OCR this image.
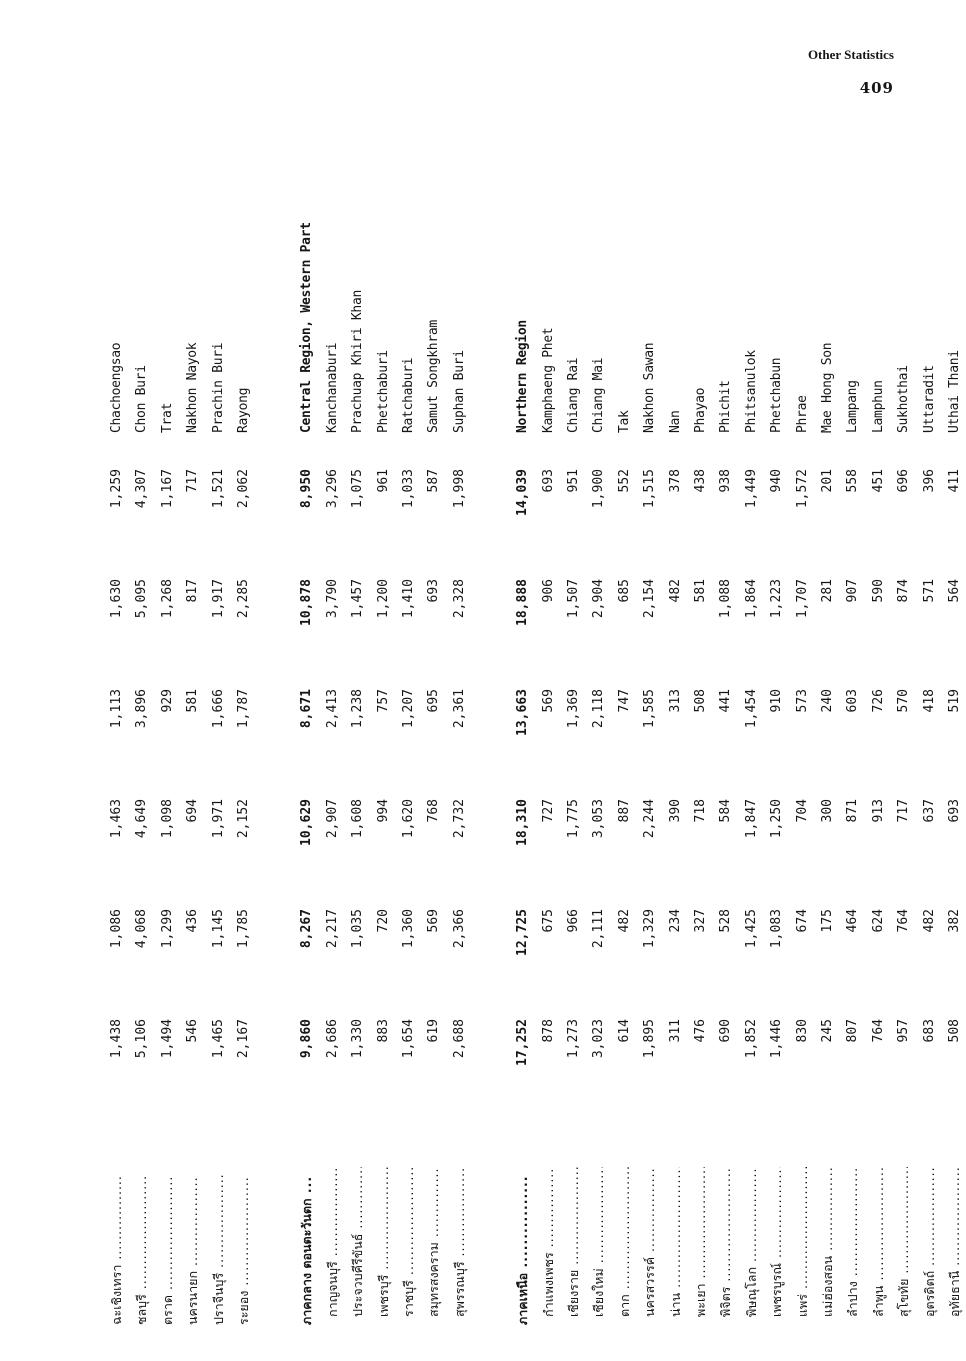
Other Statistics
409
ฉะเชิงเทรา .....
1,438
1,086
1,463
1,113
1,630
1,259
Chachoengsao
ชลบุรี .....
5,106
4,068
4,649
3,896
5,095
4,307
Chon Buri
ตราด .....
1,494
1,299
1,098
929
1,268
1,167
Trat
นครนายก .....
546
436
694
581
817
717
Nakhon Nayok
ปราจีนบุรี .....
1,465
1,145
1,971
1,666
1,917
1,521
Prachin Buri
ระยอง .....
2,167
1,785
2,152
1,787
2,285
2,062
Rayong
ภาคกลาง ตอนตะวันตก .....
9,860
8,267
10,629
8,671
10,878
8,950
Central Region, Western Part
กาญจนบุรี .....
2,686
2,217
2,907
2,413
3,790
3,296
Kanchanaburi
ประจวบคีรีขันธ์ .....
1,330
1,035
1,608
1,238
1,457
1,075
Prachuap Khiri Khan
เพชรบุรี .....
883
720
994
757
1,200
961
Phetchaburi
ราชบุรี .....
1,654
1,360
1,620
1,207
1,410
1,033
Ratchaburi
สมุทรสงคราม .....
619
569
768
695
693
587
Samut Songkhram
สุพรรณบุรี .....
2,688
2,366
2,732
2,361
2,328
1,998
Suphan Buri
ภาคเหนือ .....
17,252
12,725
18,310
13,663
18,888
14,039
Northern Region
กำแพงเพชร .....
878
675
727
569
906
693
Kamphaeng Phet
เชียงราย .....
1,273
966
1,775
1,369
1,507
951
Chiang Rai
เชียงใหม่ .....
3,023
2,111
3,053
2,118
2,904
1,900
Chiang Mai
ตาก .....
614
482
887
747
685
552
Tak
นครสวรรค์ .....
1,895
1,329
2,244
1,585
2,154
1,515
Nakhon Sawan
น่าน .....
311
234
390
313
482
378
Nan
พะเยา .....
476
327
718
508
581
438
Phayao
พิจิตร .....
690
528
584
441
1,088
938
Phichit
พิษณุโลก .....
1,852
1,425
1,847
1,454
1,864
1,449
Phitsanulok
เพชรบูรณ์ .....
1,446
1,083
1,250
910
1,223
940
Phetchabun
แพร่ .....
830
674
704
573
1,707
1,572
Phrae
แม่ฮ่องสอน .....
245
175
300
240
281
201
Mae Hong Son
ลำปาง .....
807
464
871
603
907
558
Lampang
ลำพูน .....
764
624
913
726
590
451
Lamphun
สุโขทัย .....
957
764
717
570
874
696
Sukhothai
อุตรดิตถ์ .....
683
482
637
418
571
396
Uttaradit
อุทัยธานี .....
508
382
693
519
564
411
Uthai Thani
